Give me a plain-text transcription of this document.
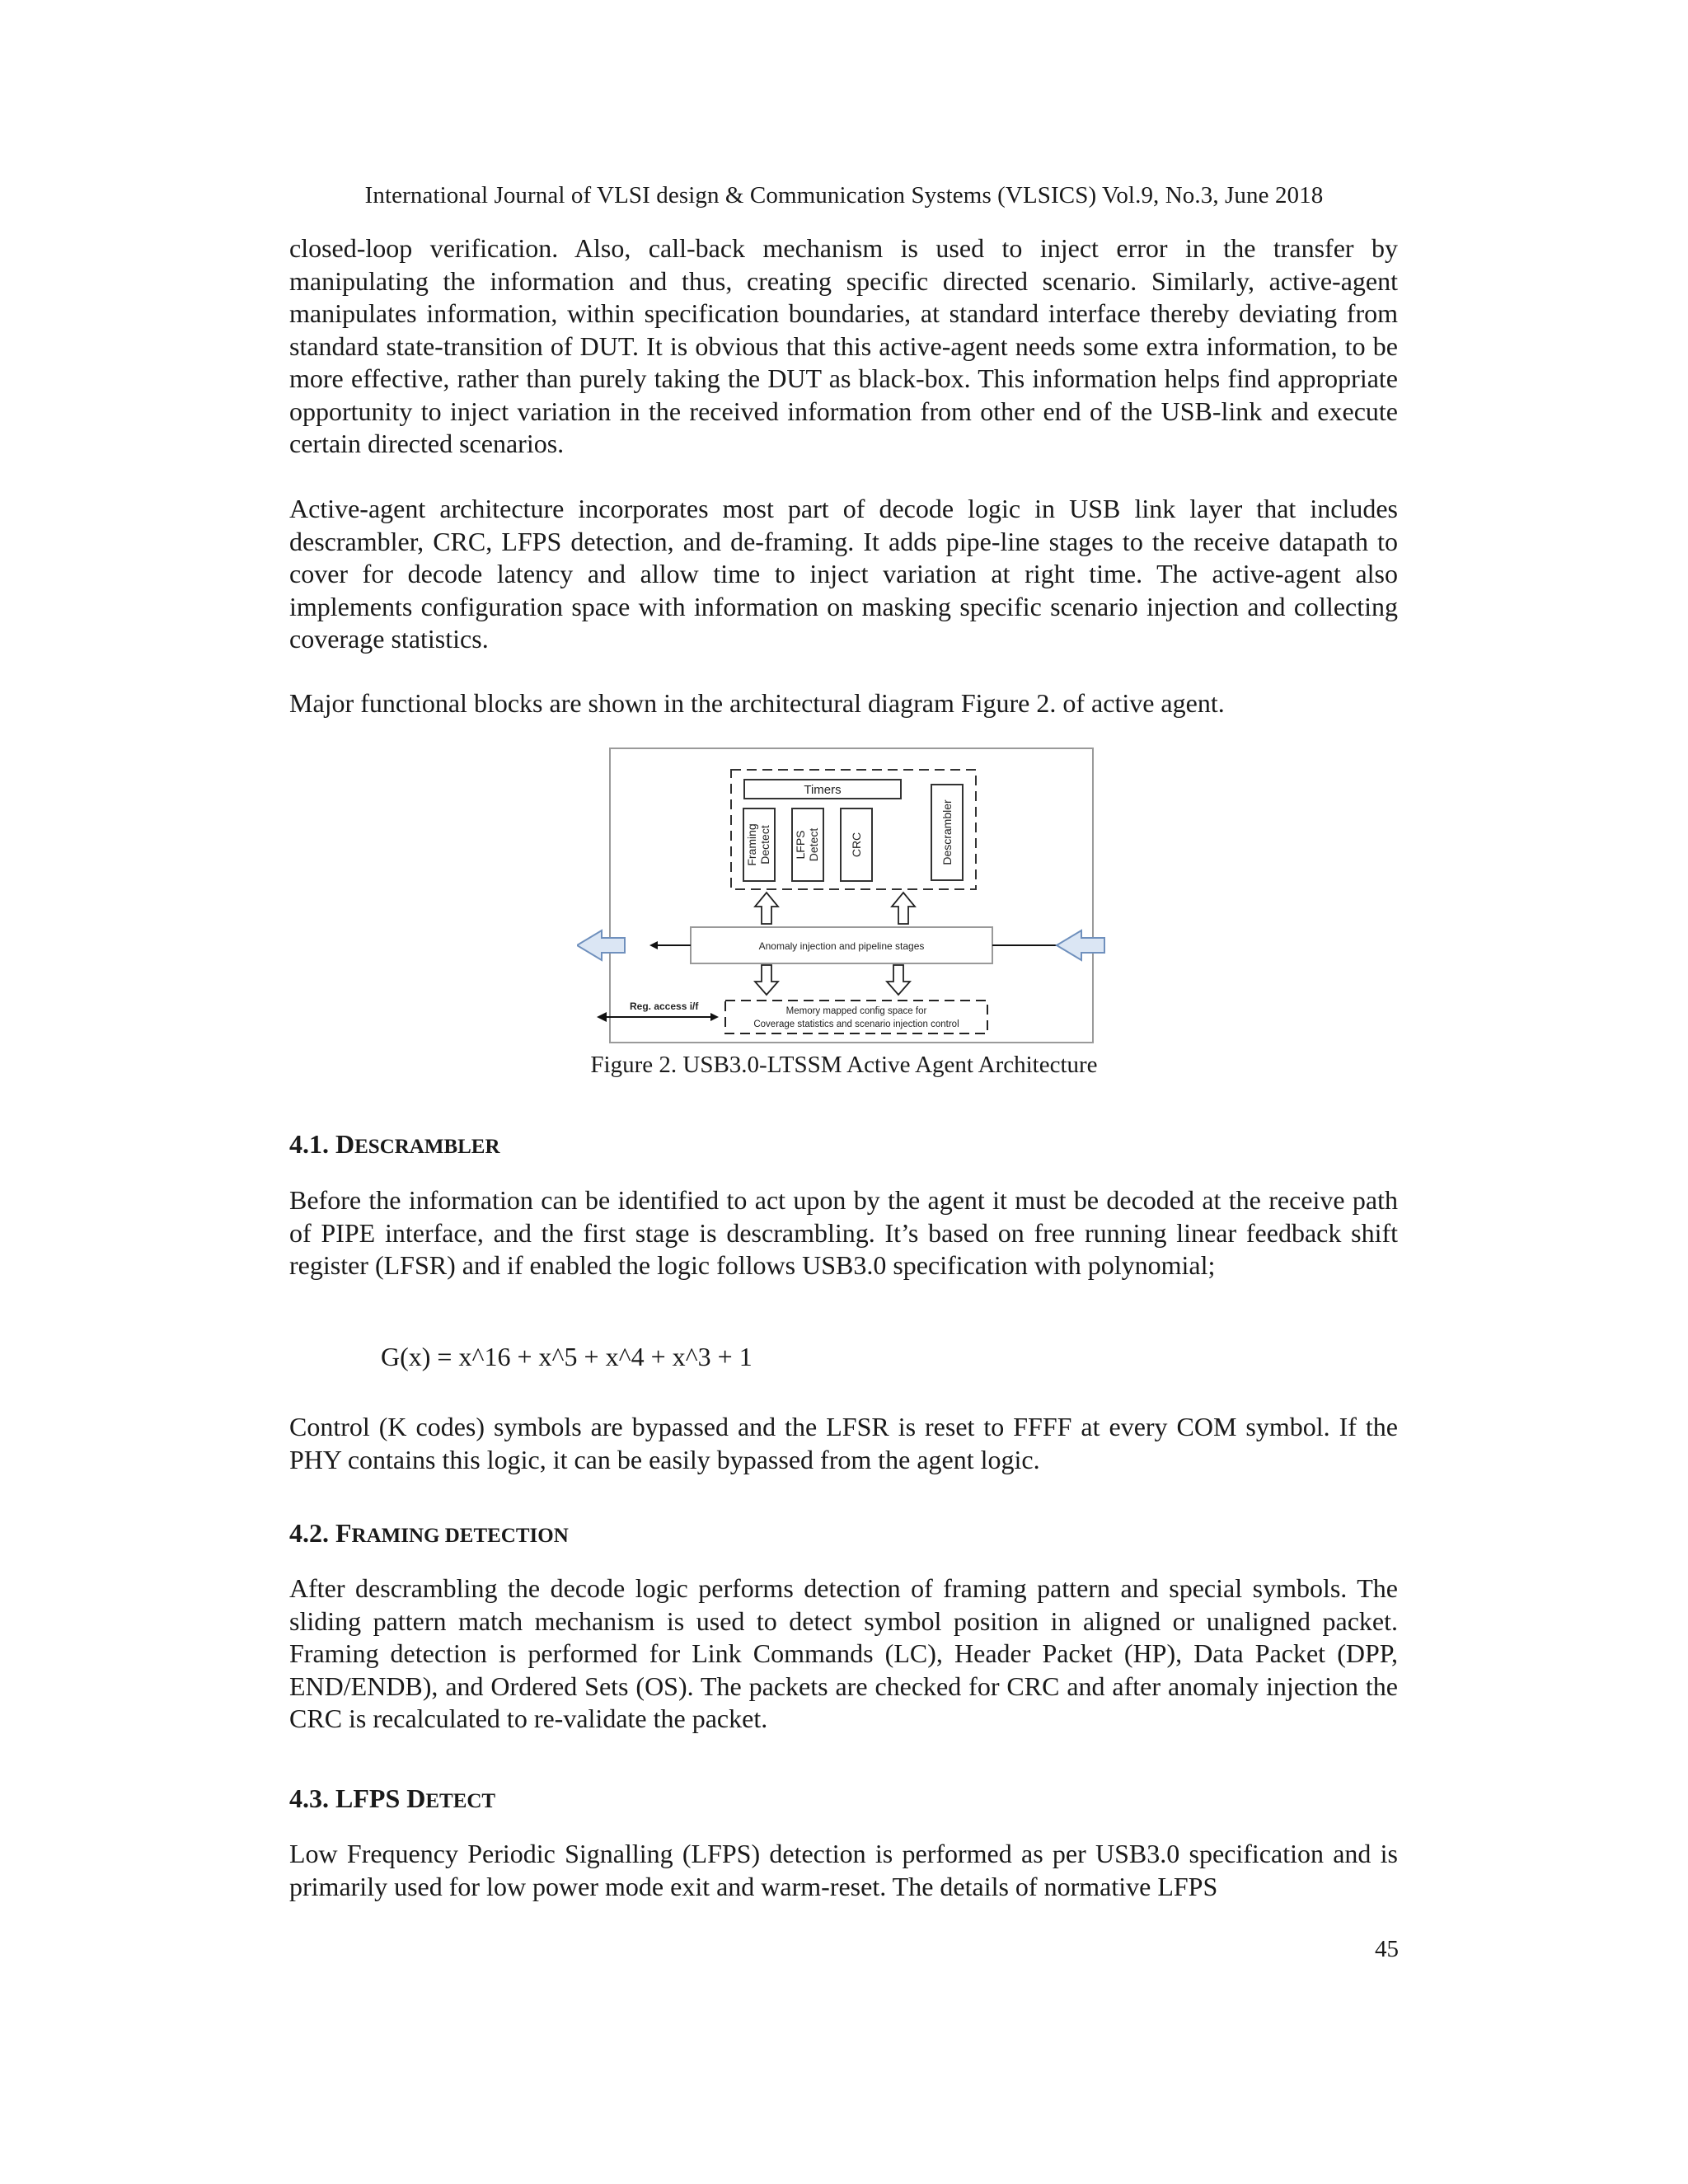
International Journal of VLSI design & Communication Systems (VLSICS) Vol.9, No.3, June 2018

closed-loop verification. Also, call-back mechanism is used to inject error in the transfer by manipulating the information and thus, creating specific directed scenario. Similarly, active-agent manipulates information, within specification boundaries, at standard interface thereby deviating from standard state-transition of DUT. It is obvious that this active-agent needs some extra information, to be more effective, rather than purely taking the DUT as black-box. This information helps find appropriate opportunity to inject variation in the received information from other end of the USB-link and execute certain directed scenarios.

Active-agent architecture incorporates most part of decode logic in USB link layer that includes descrambler, CRC, LFPS detection, and de-framing. It adds pipe-line stages to the receive datapath to cover for decode latency and allow time to inject variation at right time. The active-agent also implements configuration space with information on masking specific scenario injection and collecting coverage statistics.

Major functional blocks are shown in the architectural diagram Figure 2. of active agent.

Timers
Framing Dectect LFPS Detect	CRC	Descrambler
Anomaly injection and pipeline stages
Memory mapped config space for
Coverage statistics and scenario injection control
Reg. access i/f
Figure 2. USB3.0-LTSSM Active Agent Architecture
4.1. DESCRAMBLER

Before the information can be identified to act upon by the agent it must be decoded at the receive path of PIPE interface, and the first stage is descrambling. It’s based on free running linear feedback shift register (LFSR) and if enabled the logic follows USB3.0 specification with polynomial;

G(x) = x^16 + x^5 + x^4 + x^3 + 1

Control (K codes) symbols are bypassed and the LFSR is reset to FFFF at every COM symbol. If the PHY contains this logic, it can be easily bypassed from the agent logic.

4.2. FRAMING DETECTION

After descrambling the decode logic performs detection of framing pattern and special symbols. The sliding pattern match mechanism is used to detect symbol position in aligned or unaligned packet. Framing detection is performed for Link Commands (LC), Header Packet (HP), Data Packet (DPP, END/ENDB), and Ordered Sets (OS). The packets are checked for CRC and after anomaly injection the CRC is recalculated to re-validate the packet.

4.3. LFPS DETECT

Low Frequency Periodic Signalling (LFPS) detection is performed as per USB3.0 specification and is primarily used for low power mode exit and warm-reset. The details of normative LFPS

45
